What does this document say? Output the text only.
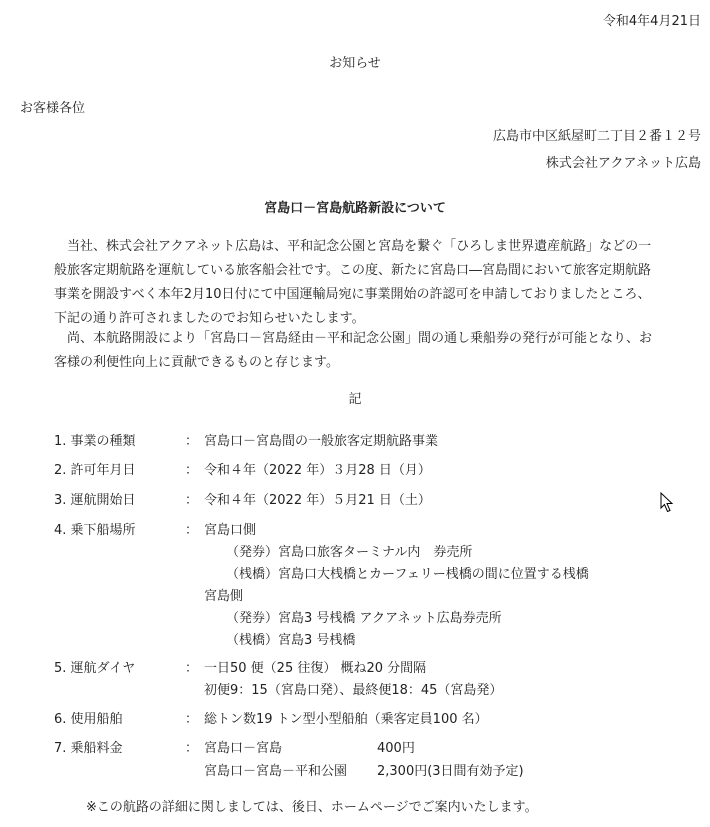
令和4年4月21日
お知らせ
お客様各位
広島市中区紙屋町二丁目２番１２号
株式会社アクアネット広島
宮島口－宮島航路新設について
当社、株式会社アクアネット広島は、平和記念公園と宮島を繋ぐ「ひろしま世界遺産航路」などの一般旅客定期航路を運航している旅客船会社です。この度、新たに宮島口―宮島間において旅客定期航路事業を開設すべく本年2月10日付にて中国運輸局宛に事業開始の許認可を申請しておりましたところ、下記の通り許可されましたのでお知らせいたします。
尚、本航路開設により「宮島口－宮島経由－平和記念公園」間の通し乗船券の発行が可能となり、お客様の利便性向上に貢献できるものと存じます。
記
1. 事業の種類	： 宮島口－宮島間の一般旅客定期航路事業
2. 許可年月日	： 令和４年（2022 年）３月28 日（月）
3. 運航開始日	： 令和４年（2022 年）５月21 日（土）
4. 乗下船場所	： 宮島口側
（発券）宮島口旅客ターミナル内　券売所
（桟橋）宮島口大桟橋とカーフェリー桟橋の間に位置する桟橋
宮島側
（発券）宮島3 号桟橋 アクアネット広島券売所
（桟橋）宮島3 号桟橋
5. 運航ダイヤ	： 一日50 便（25 往復） 概ね20 分間隔
初便9：15（宮島口発）、最終便18：45（宮島発）
6. 使用船舶	： 総トン数19 トン型小型船舶（乗客定員100 名）
7. 乗船料金	： 宮島口－宮島	400円
宮島口－宮島－平和公園 2,300円(3日間有効予定)
※この航路の詳細に関しましては、後日、ホームページでご案内いたします。
